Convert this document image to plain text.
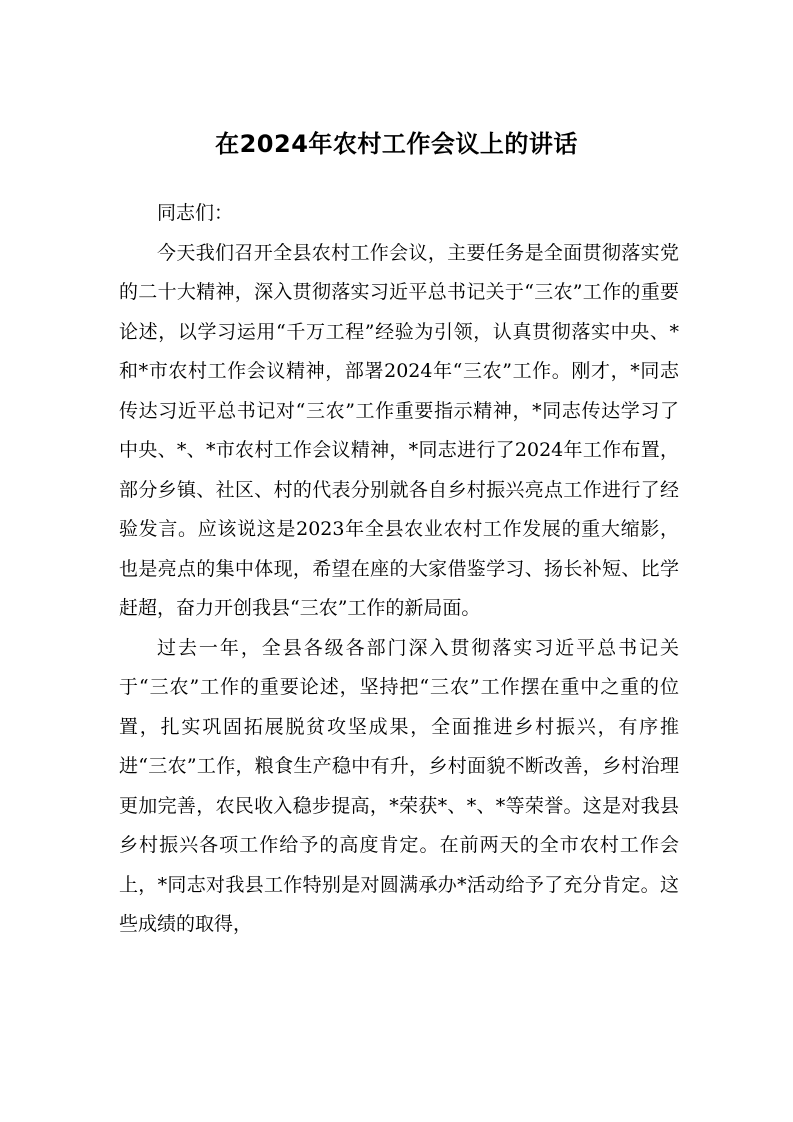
在2024年农村工作会议上的讲话

同志们：

今天我们召开全县农村工作会议，主要任务是全面贯彻落实党的二十大精神，深入贯彻落实习近平总书记关于“三农”工作的重要论述，以学习运用“千万工程”经验为引领，认真贯彻落实中央、*和*市农村工作会议精神，部署2024年“三农”工作。刚才，*同志传达习近平总书记对“三农”工作重要指示精神，*同志传达学习了中央、*、*市农村工作会议精神，*同志进行了2024年工作布置，部分乡镇、社区、村的代表分别就各自乡村振兴亮点工作进行了经验发言。应该说这是2023年全县农业农村工作发展的重大缩影，也是亮点的集中体现，希望在座的大家借鉴学习、扬长补短、比学赶超，奋力开创我县“三农”工作的新局面。

过去一年，全县各级各部门深入贯彻落实习近平总书记关于“三农”工作的重要论述，坚持把“三农”工作摆在重中之重的位置，扎实巩固拓展脱贫攻坚成果，全面推进乡村振兴，有序推进“三农”工作，粮食生产稳中有升，乡村面貌不断改善，乡村治理更加完善，农民收入稳步提高，*荣获*、*、*等荣誉。这是对我县乡村振兴各项工作给予的高度肯定。在前两天的全市农村工作会上，*同志对我县工作特别是对圆满承办*活动给予了充分肯定。这些成绩的取得，
